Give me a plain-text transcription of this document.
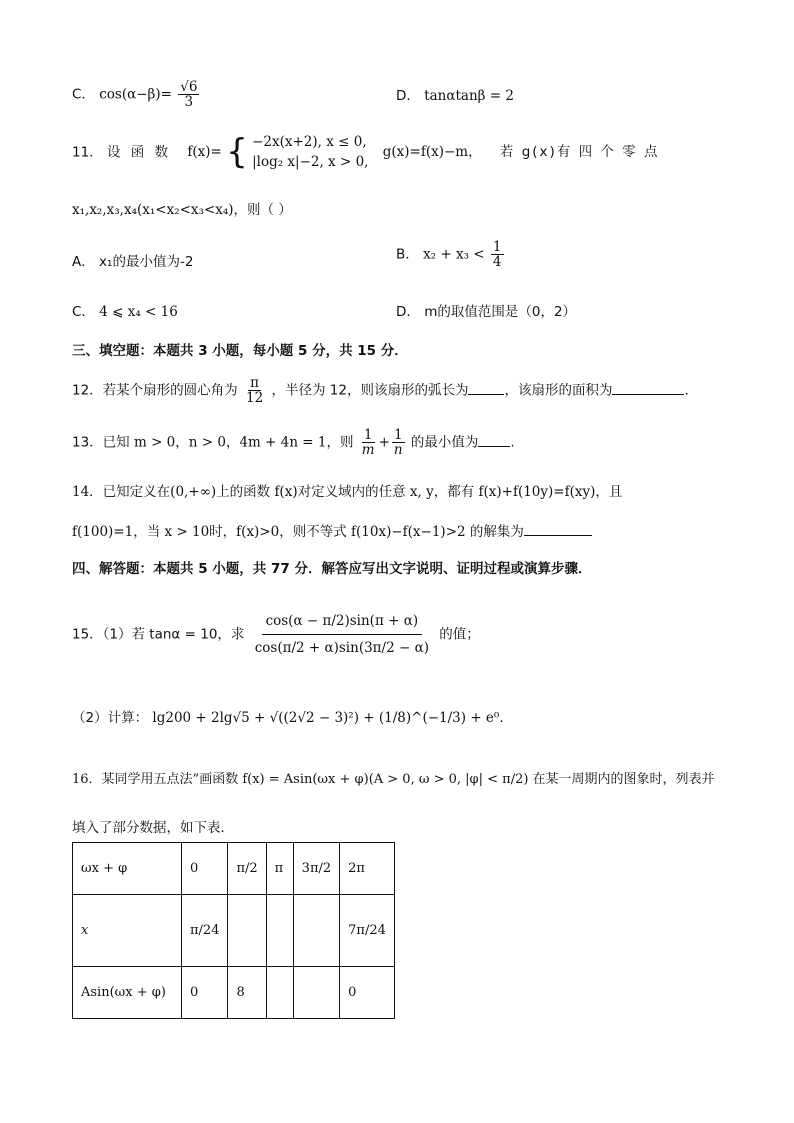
C． $\cos(\alpha-\beta)= \frac{√6}{3}$	D． tanαtanβ = 2
11． 设 函 数 f(x)= { −2x(x+2), x ≤ 0,
|log₂ x|−2, x > 0, g(x)=f(x)−m， 若 g(x)有 四 个 零 点
x₁,x₂,x₃,x₄(x₁<x₂<x₃<x₄)，则（ ）
A． x₁的最小值为-2	B． $x_2 + x_3 < \frac{1}{4}$
C． 4 ⩽ x₄ < 16	D． m的取值范围是（0，2）
三、填空题：本题共 3 小题，每小题 5 分，共 15 分．
12．若某个扇形的圆心角为 $\frac{\pi}{12}$ ，半径为 12，则该扇形的弧长为	，该扇形的面积为	．
13．已知 m > 0，n > 0，4m + 4n = 1，则 $\frac{1}{m} + \frac{1}{n}$ 的最小值为 .
14．已知定义在(0,+∞)上的函数 f(x)对定义域内的任意 x, y，都有 f(x)+f(10y)=f(xy)，且
f(100)=1，当 x > 10时，f(x)>0，则不等式 f(10x)−f(x−1)>2 的解集为
四、解答题：本题共 5 小题，共 77 分．解答应写出文字说明、证明过程或演算步骤．
15．（1）若 tanα = 10，求 $\frac{\cos(\alpha - \pi/2)\sin(\pi + \alpha)}{\cos(\pi/2 + \alpha)\sin(3\pi/2 - \alpha)}$ 的值；
（2）计算： lg200 + 2lg√5 + √((2√2 − 3)²) + (1/8)^(−1/3) + e⁰．
16．某同学用五点法”画函数 f(x) = Asin(ωx + φ)(A > 0, ω > 0, |φ| < π/2) 在某一周期内的图象时，列表并
填入了部分数据，如下表．
ωx + φ	0	π/2	π	3π/2	2π
x	π/24				7π/24
Asin(ωx + φ)	0	8			0
